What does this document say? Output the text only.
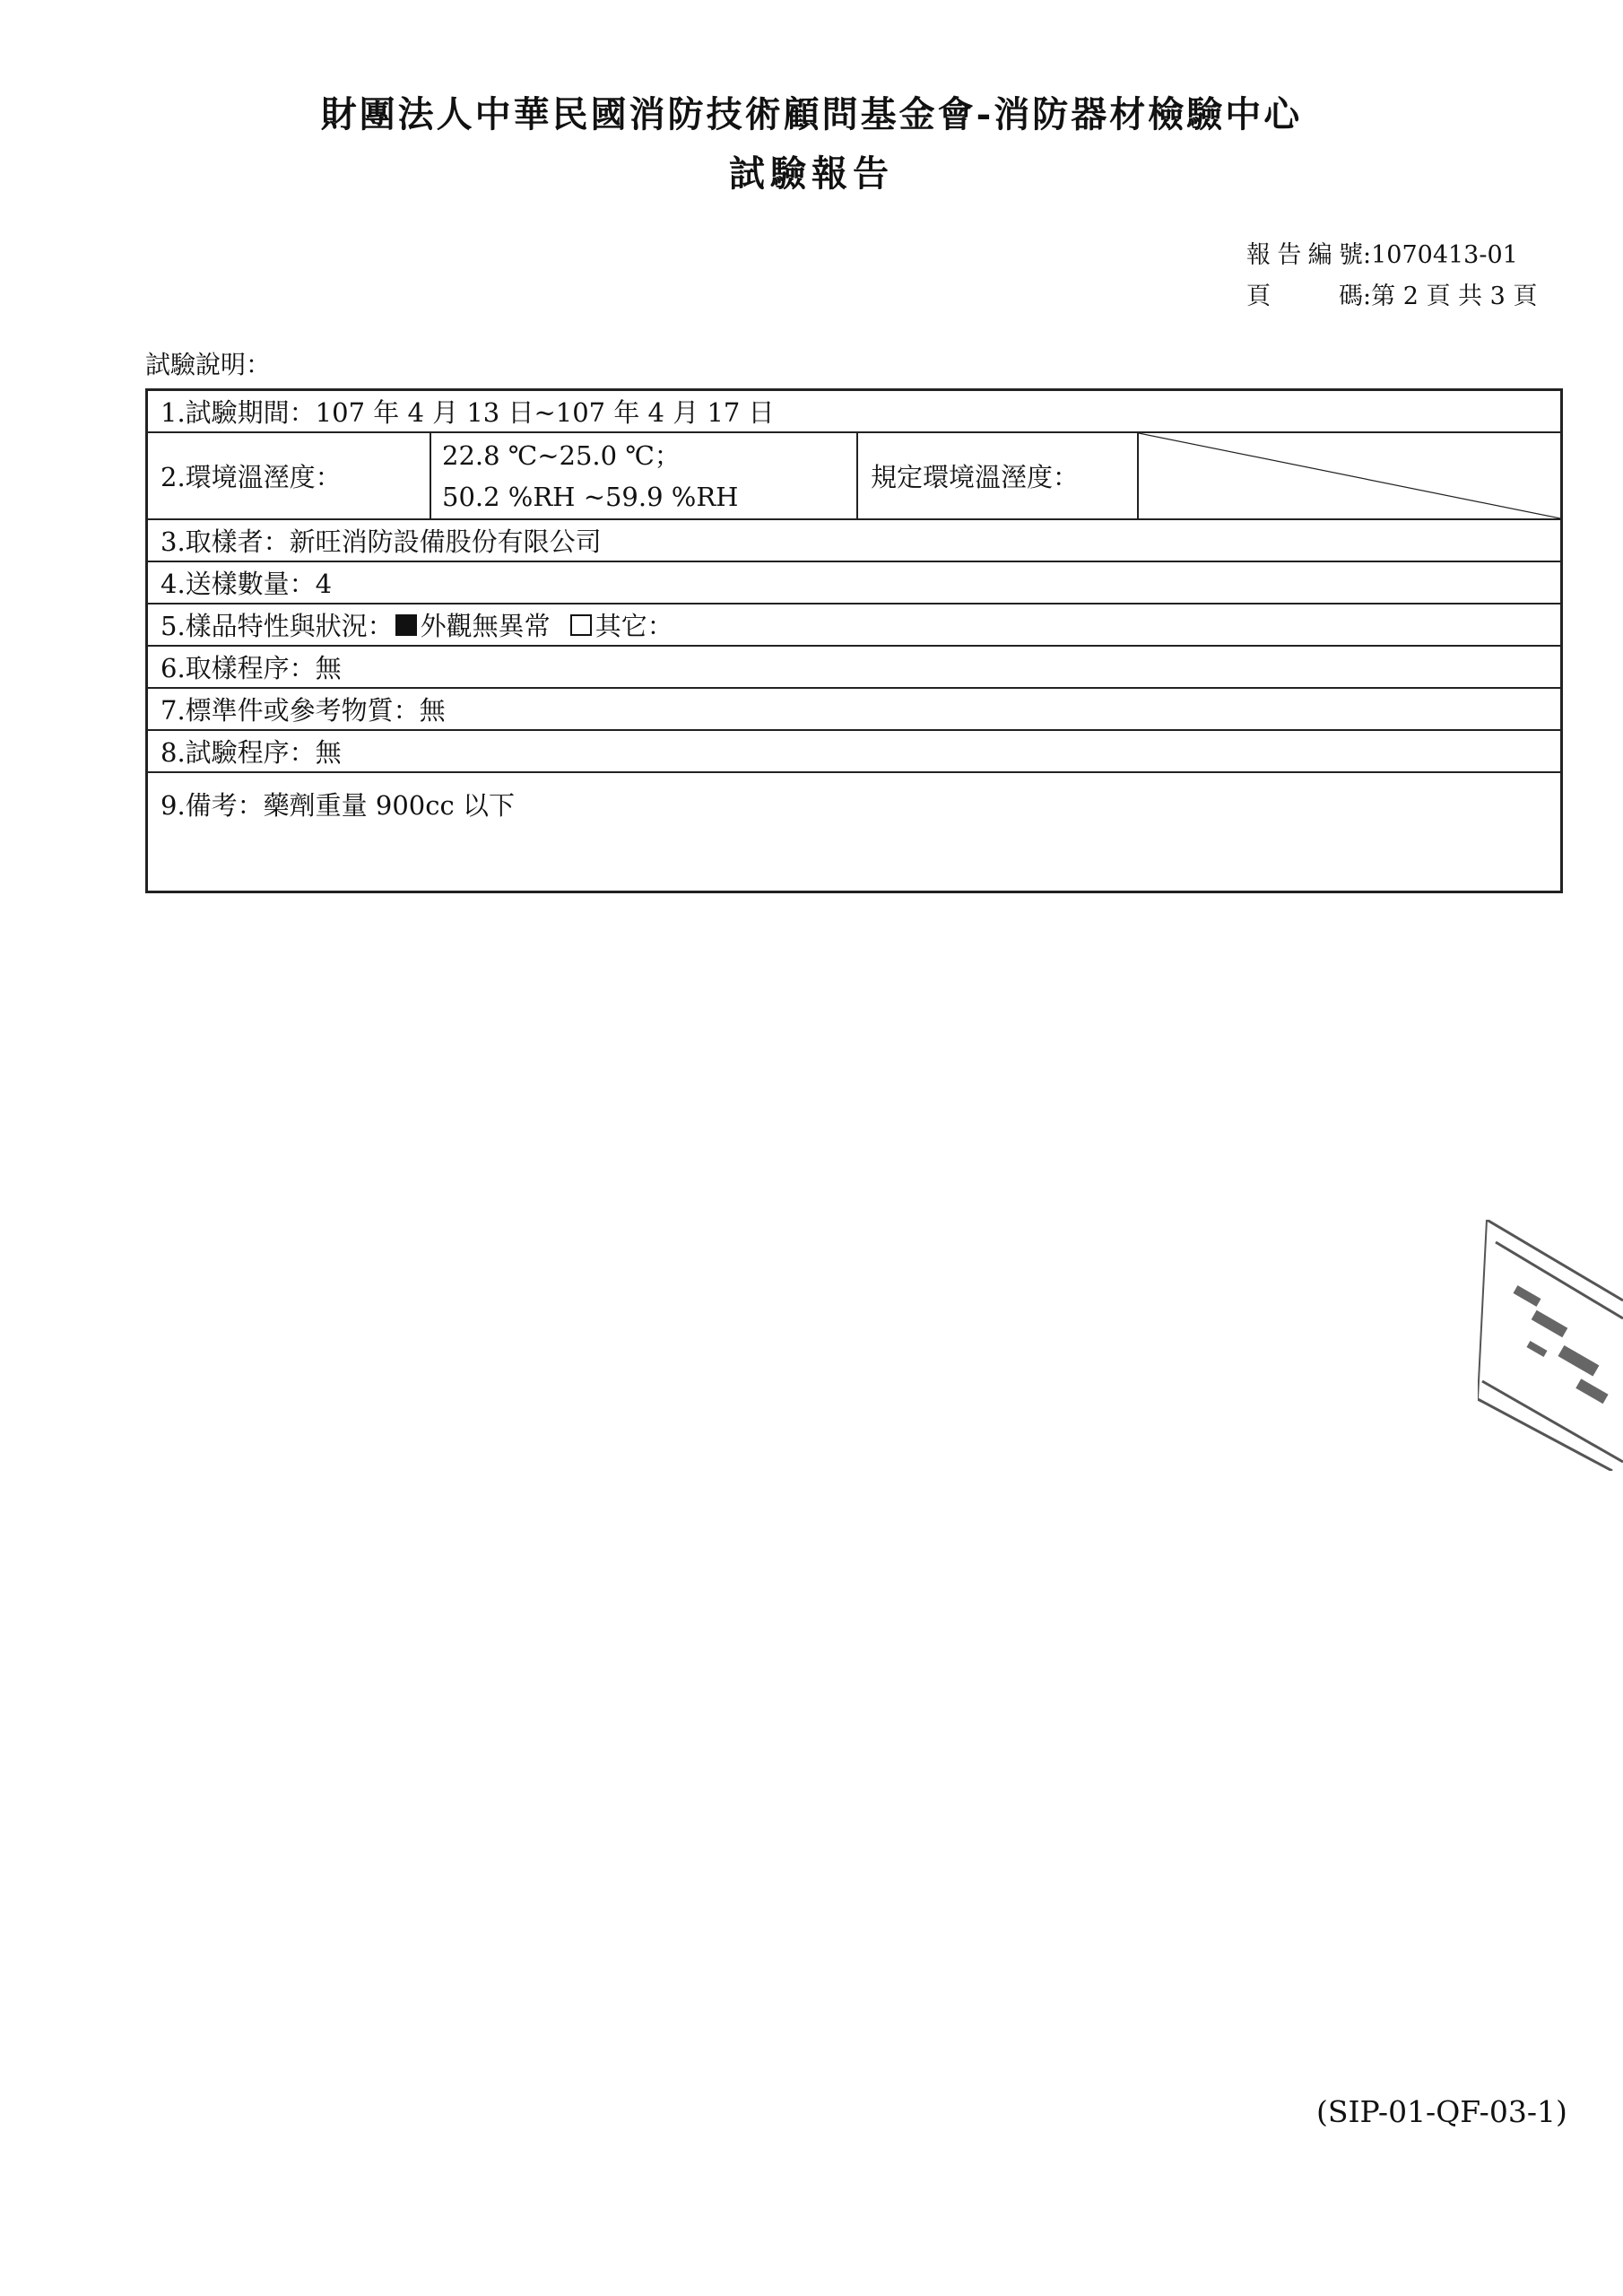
財團法人中華民國消防技術顧問基金會-消防器材檢驗中心
試驗報告
報告編號:1070413-01
頁碼:第 2 頁 共 3 頁
試驗說明：
1.試驗期間：107 年 4 月 13 日~107 年 4 月 17 日
2.環境溫溼度：
22.8 ℃~25.0 ℃；
50.2 %RH ~59.9 %RH
規定環境溫溼度：
3.取樣者：新旺消防設備股份有限公司
4.送樣數量：4
5.樣品特性與狀況： 外觀無異常 其它：
6.取樣程序：無
7.標準件或參考物質：無
8.試驗程序：無
9.備考：藥劑重量 900cc 以下
(SIP-01-QF-03-1)
